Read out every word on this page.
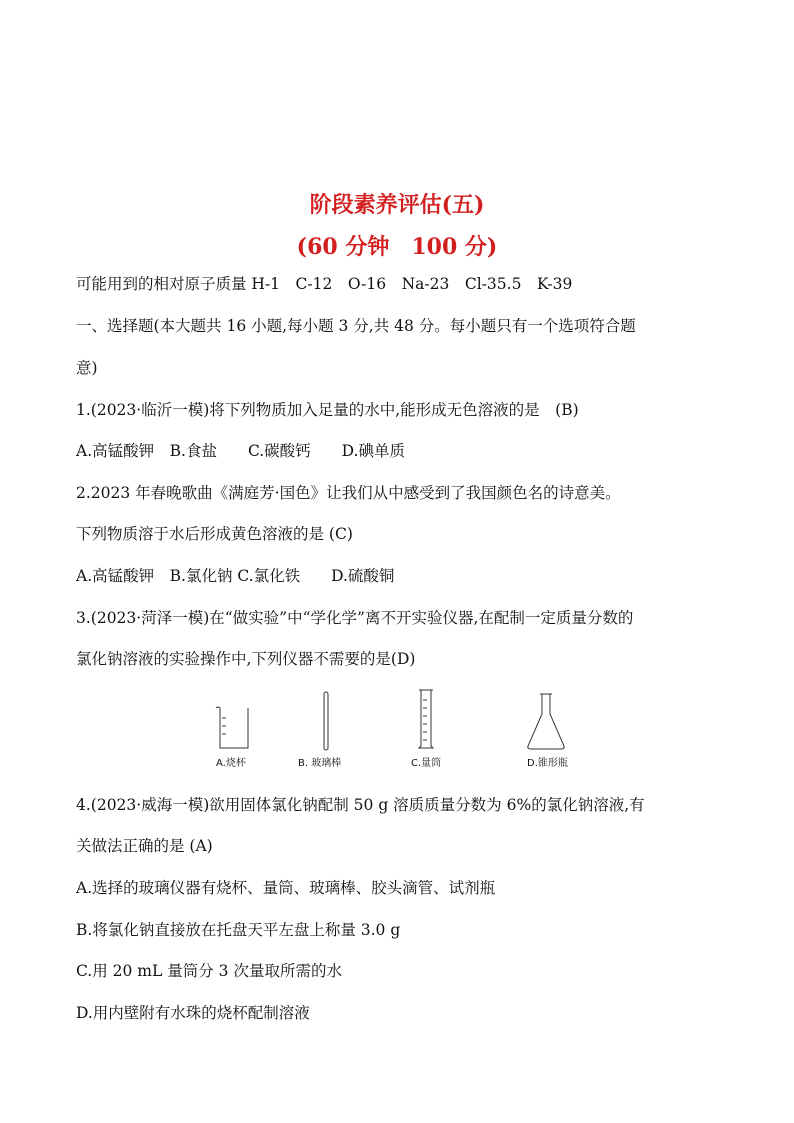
阶段素养评估(五)
(60 分钟　100 分)
可能用到的相对原子质量 H-1　C-12　O-16　Na-23　Cl-35.5　K-39
一、选择题(本大题共 16 小题,每小题 3 分,共 48 分。每小题只有一个选项符合题
意)
1.(2023·临沂一模)将下列物质加入足量的水中,能形成无色溶液的是　(B)
A.高锰酸钾　B.食盐　　C.碳酸钙　　D.碘单质
2.2023 年春晚歌曲《满庭芳·国色》让我们从中感受到了我国颜色名的诗意美。
下列物质溶于水后形成黄色溶液的是 (C)
A.高锰酸钾　B.氯化钠 C.氯化铁　　D.硫酸铜
3.(2023·菏泽一模)在“做实验”中“学化学”离不开实验仪器,在配制一定质量分数的
氯化钠溶液的实验操作中,下列仪器不需要的是(D)
A.烧杯	B. 玻璃棒	C.量筒	D.锥形瓶
4.(2023·威海一模)欲用固体氯化钠配制 50 g 溶质质量分数为 6%的氯化钠溶液,有
关做法正确的是 (A)
A.选择的玻璃仪器有烧杯、量筒、玻璃棒、胶头滴管、试剂瓶
B.将氯化钠直接放在托盘天平左盘上称量 3.0 g
C.用 20 mL 量筒分 3 次量取所需的水
D.用内壁附有水珠的烧杯配制溶液
